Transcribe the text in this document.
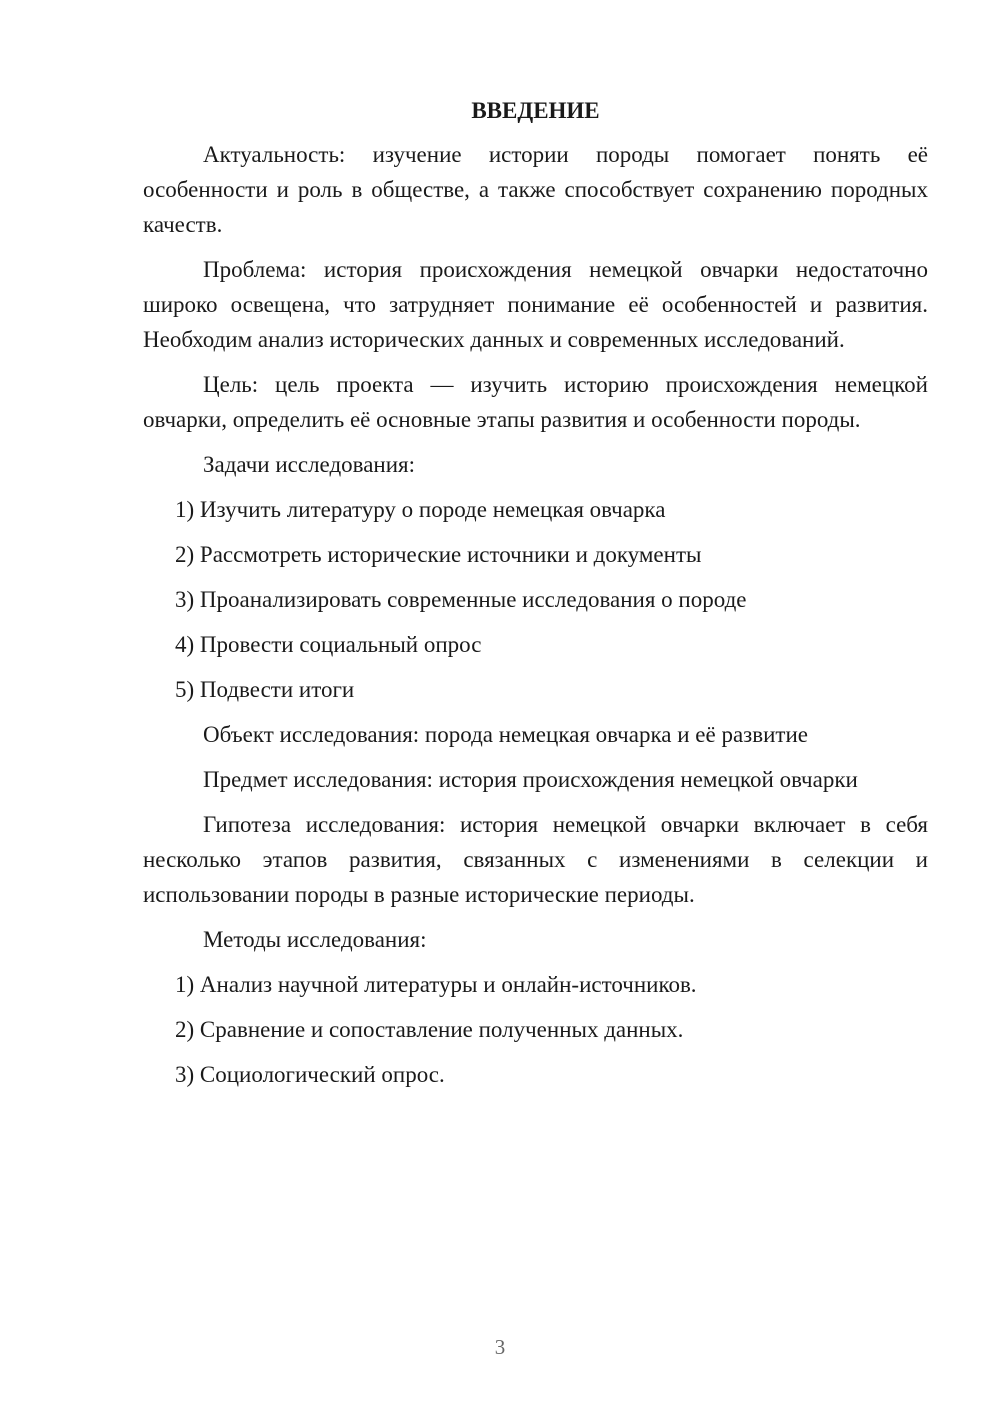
ВВЕДЕНИЕ

Актуальность: изучение истории породы помогает понять её особенности и роль в обществе, а также способствует сохранению породных качеств.

Проблема: история происхождения немецкой овчарки недостаточно широко освещена, что затрудняет понимание её особенностей и развития. Необходим анализ исторических данных и современных исследований.

Цель: цель проекта — изучить историю происхождения немецкой овчарки, определить её основные этапы развития и особенности породы.

Задачи исследования:

1) Изучить литературу о породе немецкая овчарка
2) Рассмотреть исторические источники и документы
3) Проанализировать современные исследования о породе
4) Провести социальный опрос
5) Подвести итоги

Объект исследования: порода немецкая овчарка и её развитие

Предмет исследования: история происхождения немецкой овчарки

Гипотеза исследования: история немецкой овчарки включает в себя несколько этапов развития, связанных с изменениями в селекции и использовании породы в разные исторические периоды.

Методы исследования:

1) Анализ научной литературы и онлайн-источников.
2) Сравнение и сопоставление полученных данных.
3) Социологический опрос.
3
